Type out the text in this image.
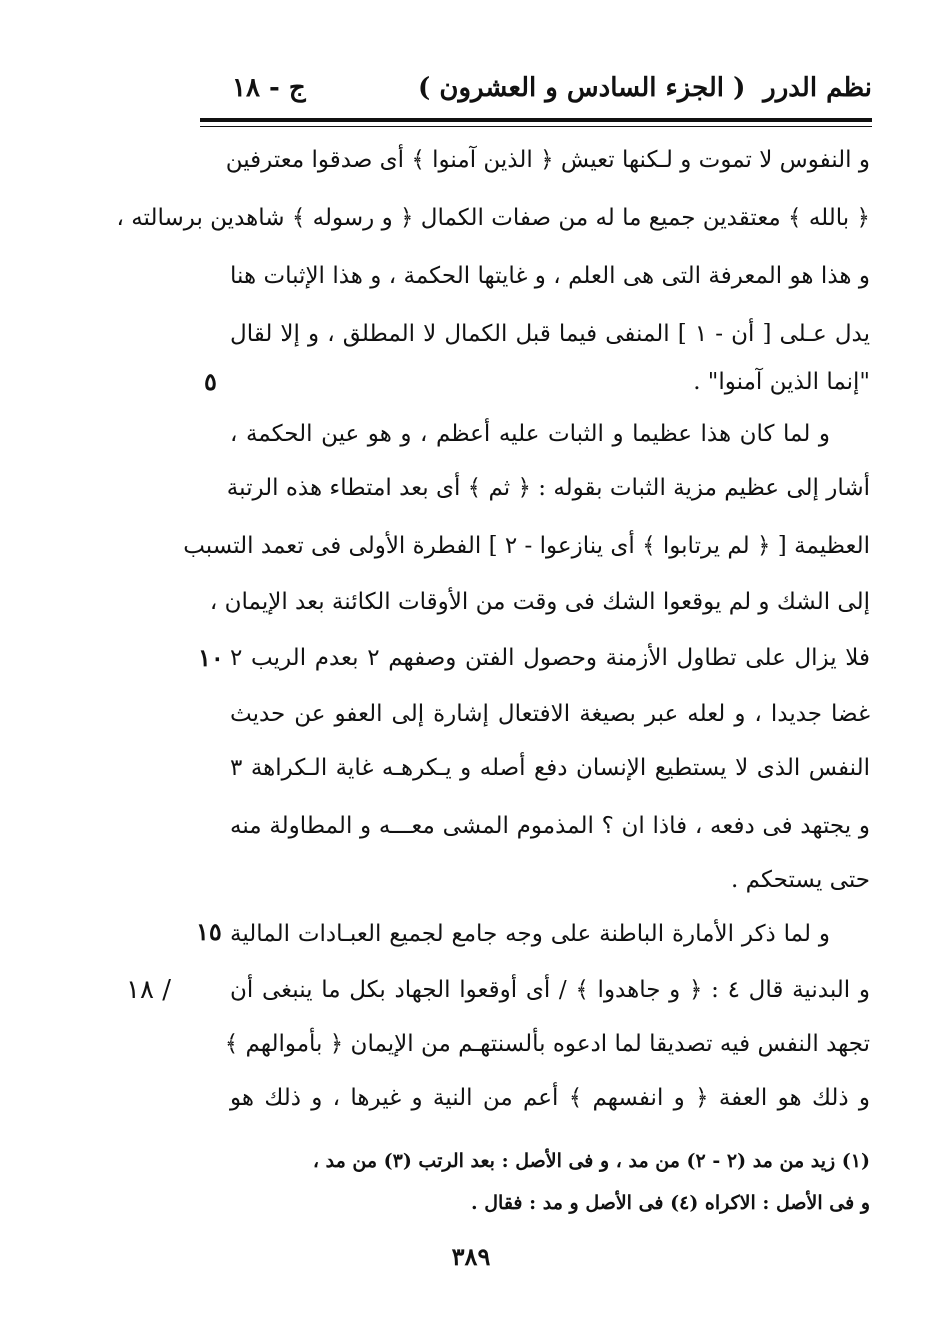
نظم الدرر
( الجزء السادس و العشرون )
ج - ١٨
و النفوس لا تموت و لـكنها تعيش ﴿ الذين آمنوا ﴾ أى صدقوا معترفين
﴿ بالله ﴾ معتقدين جميع ما له من صفات الكمال ﴿ و رسوله ﴾ شاهدين برسالته ،
و هذا هو المعرفة التى هى العلم ، و غايتها الحكمة ، و هذا الإثبات هنا
يدل عـلى [ أن - ١ ] المنفى فيما قبل الكمال لا المطلق ، و إلا لقال
"إنما الذين آمنوا" .
و لما كان هذا عظيما و الثبات عليه أعظم ، و هو عين الحكمة ،
أشار إلى عظيم مزية الثبات بقوله : ﴿ ثم ﴾ أى بعد امتطاء هذه الرتبة
العظيمة [ ﴿ لم يرتابوا ﴾ أى ينازعوا - ٢ ] الفطرة الأولى فى تعمد التسبب
إلى الشك و لم يوقعوا الشك فى وقت من الأوقات الكائنة بعد الإيمان ،
فلا يزال على تطاول الأزمنة وحصول الفتن وصفهم ٢ بعدم الريب ٢
غضا جديدا ، و لعله عبر بصيغة الافتعال إشارة إلى العفو عن حديث
النفس الذى لا يستطيع الإنسان دفع أصله و يـكرهـه غاية الـكراهة ٣
و يجتهد فى دفعه ، فاذا ان ؟ المذموم المشى معـــه و المطاولة منه
حتى يستحكم .
و لما ذكر الأمارة الباطنة على وجه جامع لجميع العبـادات المالية
و البدنية قال ٤ : ﴿ و جاهدوا ﴾ / أى أوقعوا الجهاد بكل ما ينبغى أن
تجهد النفس فيه تصديقا لما ادعوه بألسنتهـم من الإيمان ﴿ بأموالهم ﴾
و ذلك هو العفة ﴿ و انفسهم ﴾ أعم من النية و غيرها ، و ذلك هو
٥
١٠
١٥
١٨ /
(١) زيد من مد (٢ - ٢) من مد ، و فى الأصل : بعد الرتب (٣) من مد ،
و فى الأصل : الاكراه (٤) فى الأصل و مد : فقال .
٣٨٩
